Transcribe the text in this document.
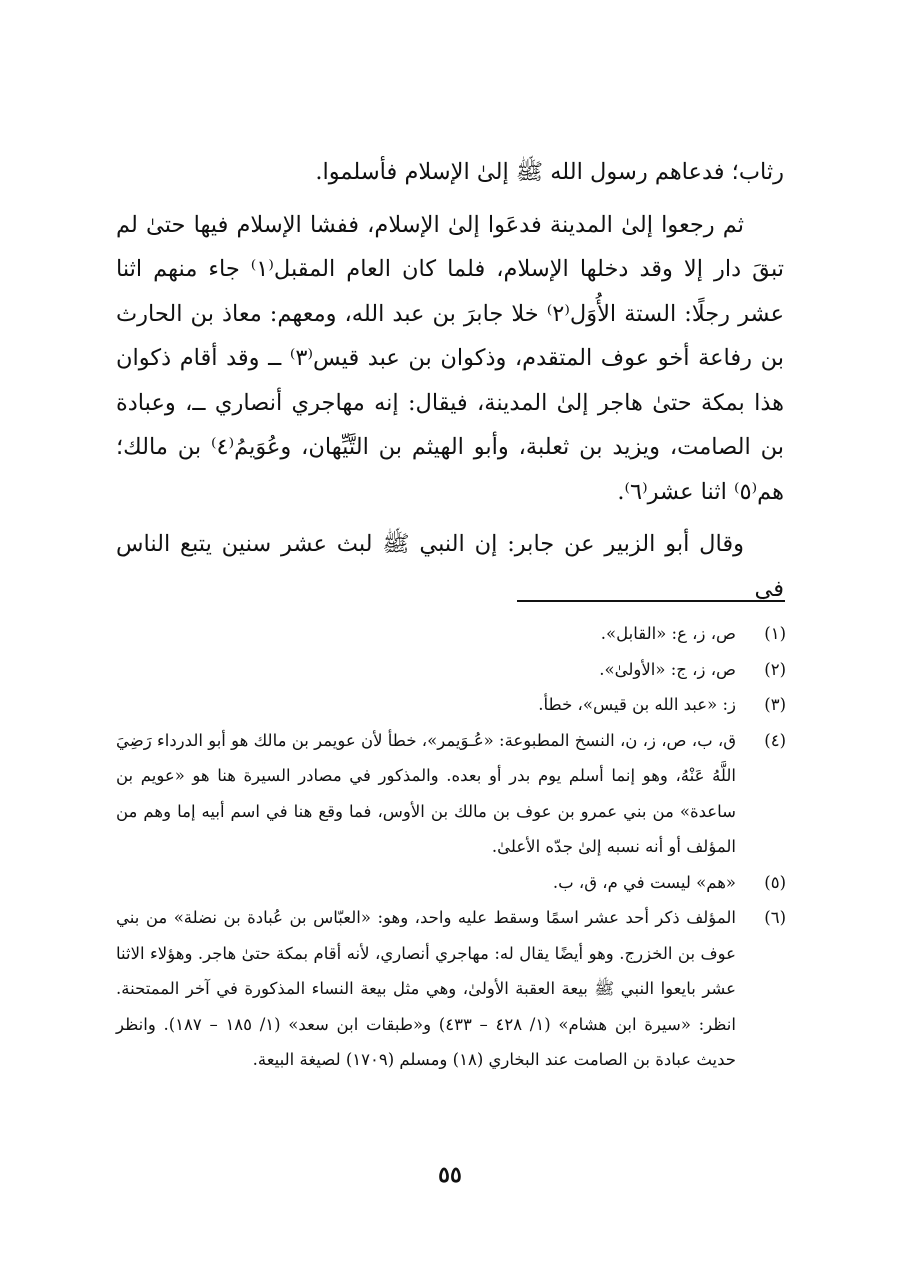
رثاب؛ فدعاهم رسول الله ﷺ إلىٰ الإسلام فأسلموا.

ثم رجعوا إلىٰ المدينة فدعَوا إلىٰ الإسلام، ففشا الإسلام فيها حتىٰ لم تبقَ دار إلا وقد دخلها الإسلام، فلما كان العام المقبل⁽١⁾ جاء منهم اثنا عشر رجلًا: الستة الأُوَل⁽٢⁾ خلا جابرَ بن عبد الله، ومعهم: معاذ بن الحارث بن رفاعة أخو عوف المتقدم، وذكوان بن عبد قيس⁽٣⁾ ــ وقد أقام ذكوان هذا بمكة حتىٰ هاجر إلىٰ المدينة، فيقال: إنه مهاجري أنصاري ــ، وعبادة بن الصامت، ويزيد بن ثعلبة، وأبو الهيثم بن التَّيِّهان، وعُوَيمُ⁽٤⁾ بن مالك؛ هم⁽٥⁾ اثنا عشر⁽٦⁾.

وقال أبو الزبير عن جابر: إن النبي ﷺ لبث عشر سنين يتبع الناس في

(١)
ص، ز، ع: «القابل».
(٢)
ص، ز، ج: «الأولىٰ».
(٣)
ز: «عبد الله بن قيس»، خطأ.
(٤)
ق، ب، ص، ز، ن، النسخ المطبوعة: «عُـوَيمر»، خطأ لأن عويمر بن مالك هو أبو الدرداء رَضِيَ اللَّهُ عَنْهُ، وهو إنما أسلم يوم بدر أو بعده. والمذكور في مصادر السيرة هنا هو «عويم بن ساعدة» من بني عمرو بن عوف بن مالك بن الأوس، فما وقع هنا في اسم أبيه إما وهم من المؤلف أو أنه نسبه إلىٰ جدّه الأعلىٰ.
(٥)
«هم» ليست في م، ق، ب.
(٦)
المؤلف ذكر أحد عشر اسمًا وسقط عليه واحد، وهو: «العبّاس بن عُبادة بن نضلة» من بني عوف بن الخزرج. وهو أيضًا يقال له: مهاجري أنصاري، لأنه أقام بمكة حتىٰ هاجر. وهؤلاء الاثنا عشر بايعوا النبي ﷺ بيعة العقبة الأولىٰ، وهي مثل بيعة النساء المذكورة في آخر الممتحنة. انظر: «سيرة ابن هشام» (١/ ٤٢٨ – ٤٣٣) و«طبقات ابن سعد» (١/ ١٨٥ – ١٨٧). وانظر حديث عبادة بن الصامت عند البخاري (١٨) ومسلم (١٧٠٩) لصيغة البيعة.
٥٥
